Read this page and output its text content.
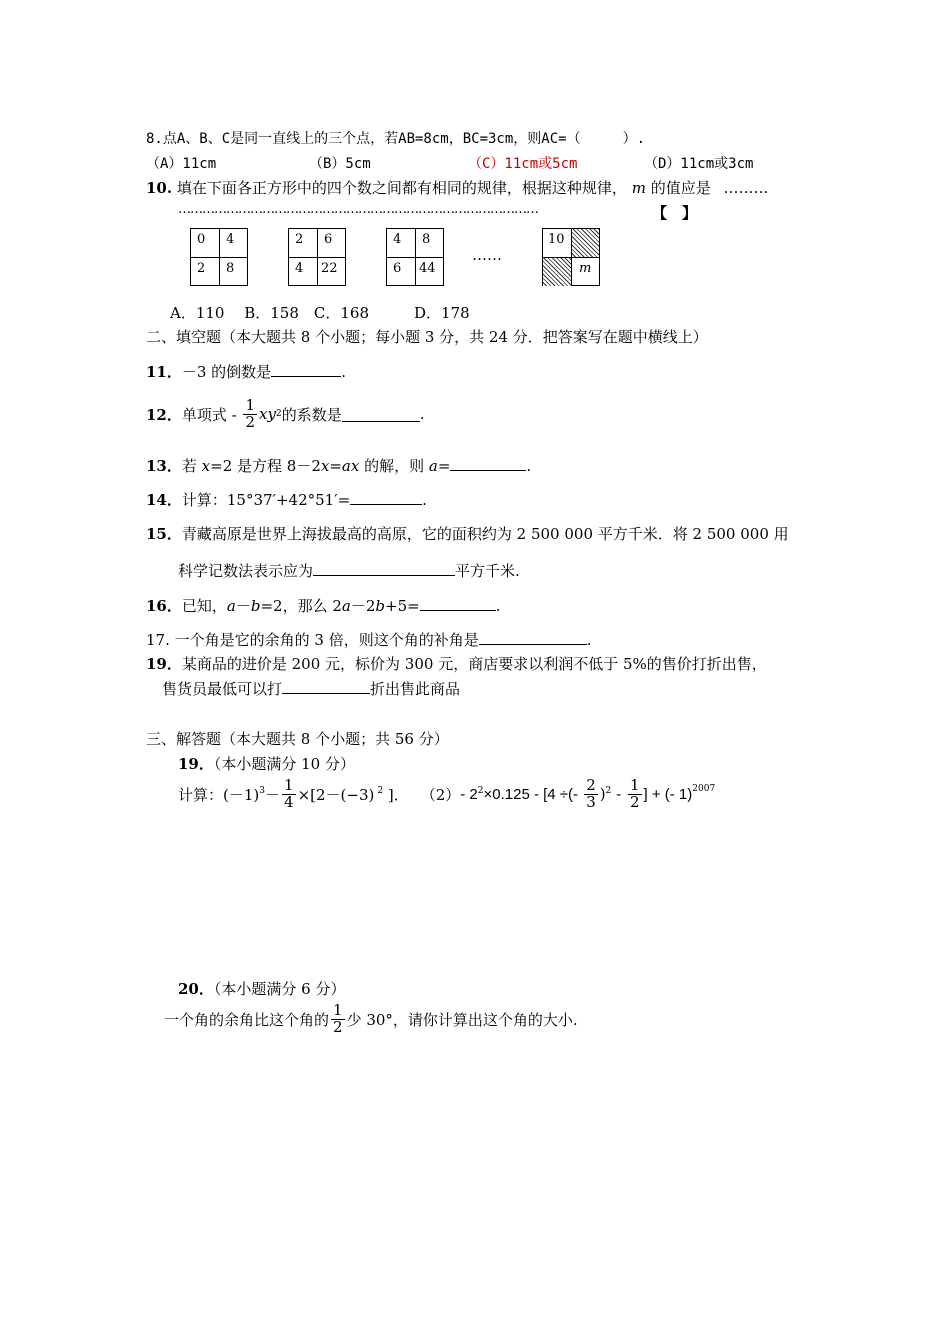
8.点A、B、C是同一直线上的三个点，若AB=8cm，BC=3cm，则AC=（　　　）.
（A）11cm	（B）5cm	（C）11cm或5cm	（D）11cm或3cm
10. 填在下面各正方形中的四个数之间都有相同的规律，根据这种规律， m 的值应是 ………
………………………………………………………………………………	【　】
0	4
2	8
2	6
4	22
4	8
6	44
……
10
m
A．110　 B．158　C．168　　　D．178
二、填空题（本大题共 8 个小题；每小题 3 分，共 24 分．把答案写在题中横线上）
11．－3 的倒数是	.
12． 单项式 - $\frac{1}{2}$ xy 2 的系数是	.
13．若 x=2 是方程 8－2x=ax 的解，则 a=	.
14．计算：15°37′+42°51′=	.
15．青藏高原是世界上海拔最高的高原，它的面积约为 2 500 000 平方千米．将 2 500 000 用
科学记数法表示应为	平方千米.
16．已知，a－b=2，那么 2a－2b+5=	.
17. 一个角是它的余角的 3 倍，则这个角的补角是	.
19．某商品的进价是 200 元，标价为 300 元，商店要求以利润不低于 5%的售价打折出售，
售货员最低可以打	折出售此商品
三、解答题（本大题共 8 个小题；共 56 分）
19．（本小题满分 10 分）
计算： $(-1)^3 - \frac{1}{4} \times[2-(-3)$ $^2$ ]． $(2) - 2^2 \times 0.125 - [4$ ÷(- $\frac{2}{3} )^2 - \frac{1}{2}$ ] + (- 1)$^{2007}$
20．（本小题满分 6 分）
一个角的余角比这个角的 $\frac{1}{2}$ 少 30°，请你计算出这个角的大小.
